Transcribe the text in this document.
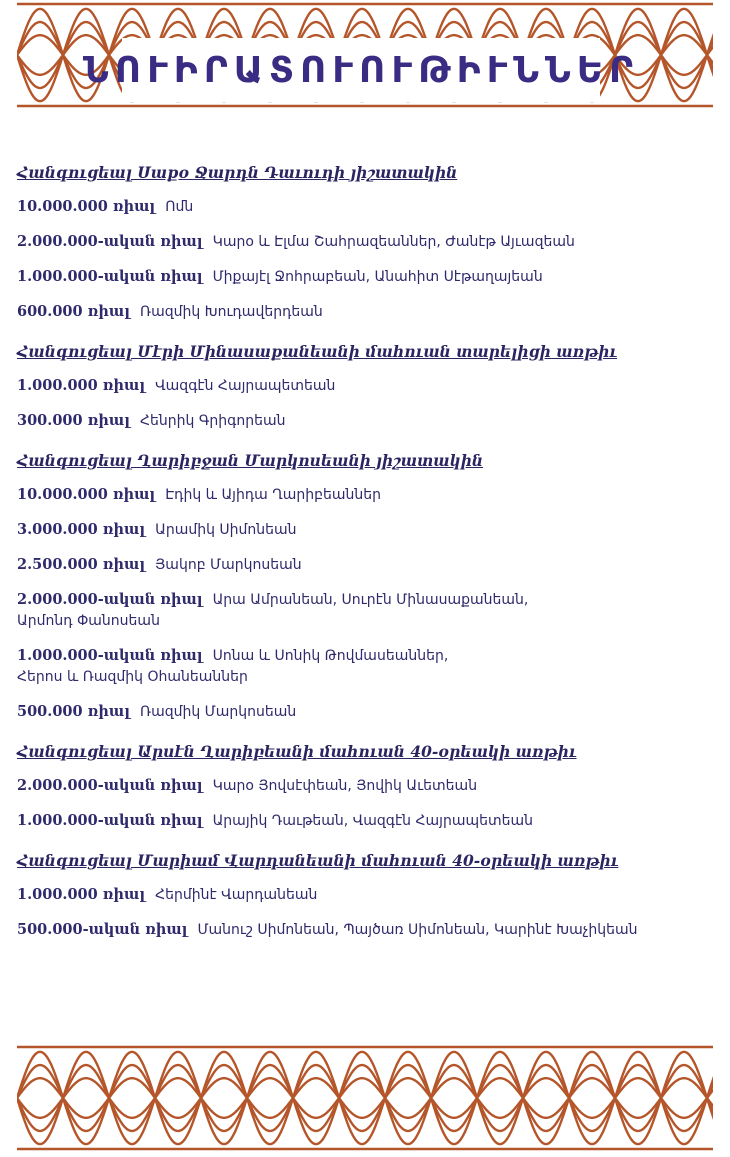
ՆՈՒԻՐԱՏՈՒՈՒԹԻՒՆՆԵՐ
Հանգուցեալ Սաքօ Ջարդն Դաւուդի յիշատակին
10.000.000 ռիալ Ոմն
2.000.000-ական ռիալ Կարօ և Էլմա Շահրազեաններ, Ժանէթ Այւազեան
1.000.000-ական ռիալ Միքայէլ Ջոհրաբեան, Անահիտ Սէթաղայեան
600.000 ռիալ Ռազմիկ Խուդավերդեան
Հանգուցեալ Մէրի Մինասաքանեանի մահուան տարելիցի առթիւ
1.000.000 ռիալ Վազգէն Հայրապետեան
300.000 ռիալ Հենրիկ Գրիգորեան
Հանգուցեալ Ղարիբջան Մարկոսեանի յիշատակին
10.000.000 ռիալ Էդիկ և Այիդա Ղարիբեաններ
3.000.000 ռիալ Արամիկ Սիմոնեան
2.500.000 ռիալ Յակոբ Մարկոսեան
2.000.000-ական ռիալ Արա Ամրանեան, Սուրէն Մինասաքանեան,
Արմոնդ Փանոսեան
1.000.000-ական ռիալ Սոնա և Սոնիկ Թովմասեաններ,
Հերոս և Ռազմիկ Օհանեաններ
500.000 ռիալ Ռազմիկ Մարկոսեան
Հանգուցեալ Արսէն Ղարիբեանի մահուան 40-օրեակի առթիւ
2.000.000-ական ռիալ Կարօ Յովսէփեան, Յովիկ Աւետեան
1.000.000-ական ռիալ Արայիկ Դաւթեան, Վազգէն Հայրապետեան
Հանգուցեալ Մարիամ Վարդանեանի մահուան 40-օրեակի առթիւ
1.000.000 ռիալ Հերմինէ Վարդանեան
500.000-ական ռիալ Մանուշ Սիմոնեան, Պայծառ Սիմոնեան, Կարինէ Խաչիկեան
